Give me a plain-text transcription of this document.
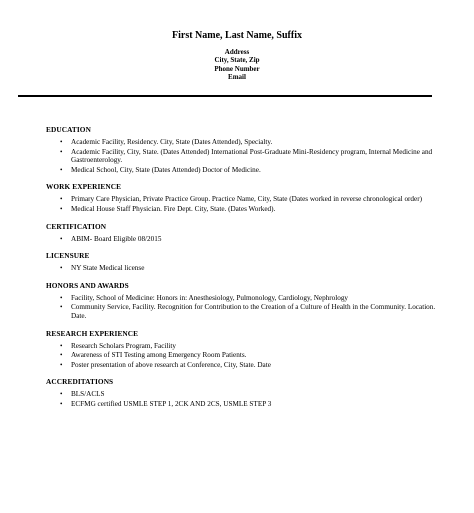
First Name, Last Name, Suffix
Address
City, State, Zip
Phone Number
Email
EDUCATION
• Academic Facility, Residency. City, State (Dates Attended), Specialty.
• Academic Facility, City, State. (Dates Attended) International Post-Graduate Mini-Residency program, Internal Medicine and Gastroenterology.
• Medical School, City, State (Dates Attended) Doctor of Medicine.
WORK EXPERIENCE
• Primary Care Physician, Private Practice Group. Practice Name, City, State (Dates worked in reverse chronological order)
• Medical House Staff Physician. Fire Dept. City, State. (Dates Worked).
CERTIFICATION
• ABIM- Board Eligible 08/2015
LICENSURE
• NY State Medical license
HONORS AND AWARDS
• Facility, School of Medicine: Honors in: Anesthesiology, Pulmonology, Cardiology, Nephrology
• Community Service, Facility. Recognition for Contribution to the Creation of a Culture of Health in the Community. Location. Date.
RESEARCH EXPERIENCE
• Research Scholars Program, Facility
• Awareness of STI Testing among Emergency Room Patients.
• Poster presentation of above research at Conference, City, State. Date
ACCREDITATIONS
• BLS/ACLS
• ECFMG certified USMLE STEP 1, 2CK AND 2CS, USMLE STEP 3
